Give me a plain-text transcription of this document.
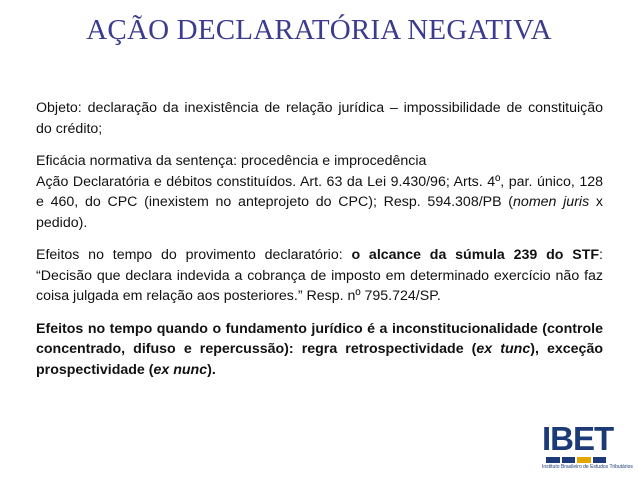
AÇÃO DECLARATÓRIA NEGATIVA

Objeto: declaração da inexistência de relação jurídica – impossibilidade de constituição do crédito;

Eficácia normativa da sentença: procedência e improcedência

Ação Declaratória e débitos constituídos. Art. 63 da Lei 9.430/96; Arts. 4º, par. único, 128 e 460, do CPC (inexistem no anteprojeto do CPC); Resp. 594.308/PB (nomen juris x pedido).

Efeitos no tempo do provimento declaratório: o alcance da súmula 239 do STF: “Decisão que declara indevida a cobrança de imposto em determinado exercício não faz coisa julgada em relação aos posteriores.” Resp. nº 795.724/SP.

Efeitos no tempo quando o fundamento jurídico é a inconstitucionalidade (controle concentrado, difuso e repercussão): regra retrospectividade (ex tunc), exceção prospectividade (ex nunc).

IBET
Instituto Brasileiro de Estudos Tributários
